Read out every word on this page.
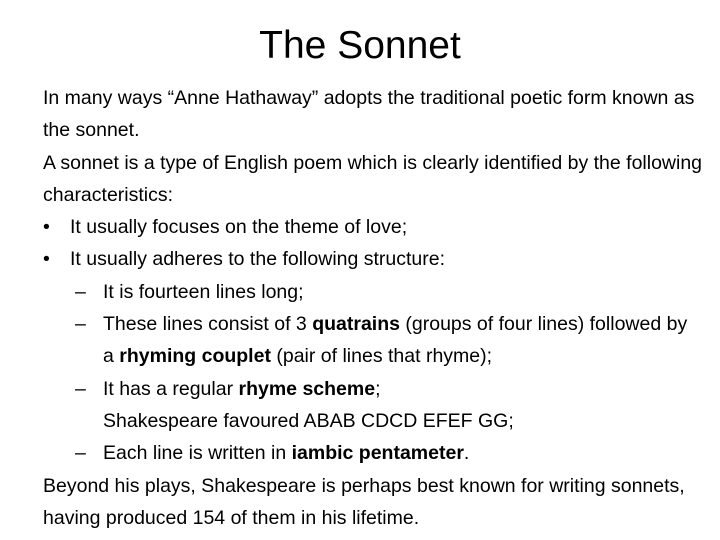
The Sonnet

In many ways “Anne Hathaway” adopts the traditional poetic form known as the sonnet.

A sonnet is a type of English poem which is clearly identified by the following characteristics:

• It usually focuses on the theme of love;

• It usually adheres to the following structure:

– It is fourteen lines long;

– These lines consist of 3 quatrains (groups of four lines) followed by a rhyming couplet (pair of lines that rhyme);

– It has a regular rhyme scheme;

Shakespeare favoured ABAB CDCD EFEF GG;

– Each line is written in iambic pentameter.

Beyond his plays, Shakespeare is perhaps best known for writing sonnets, having produced 154 of them in his lifetime.
